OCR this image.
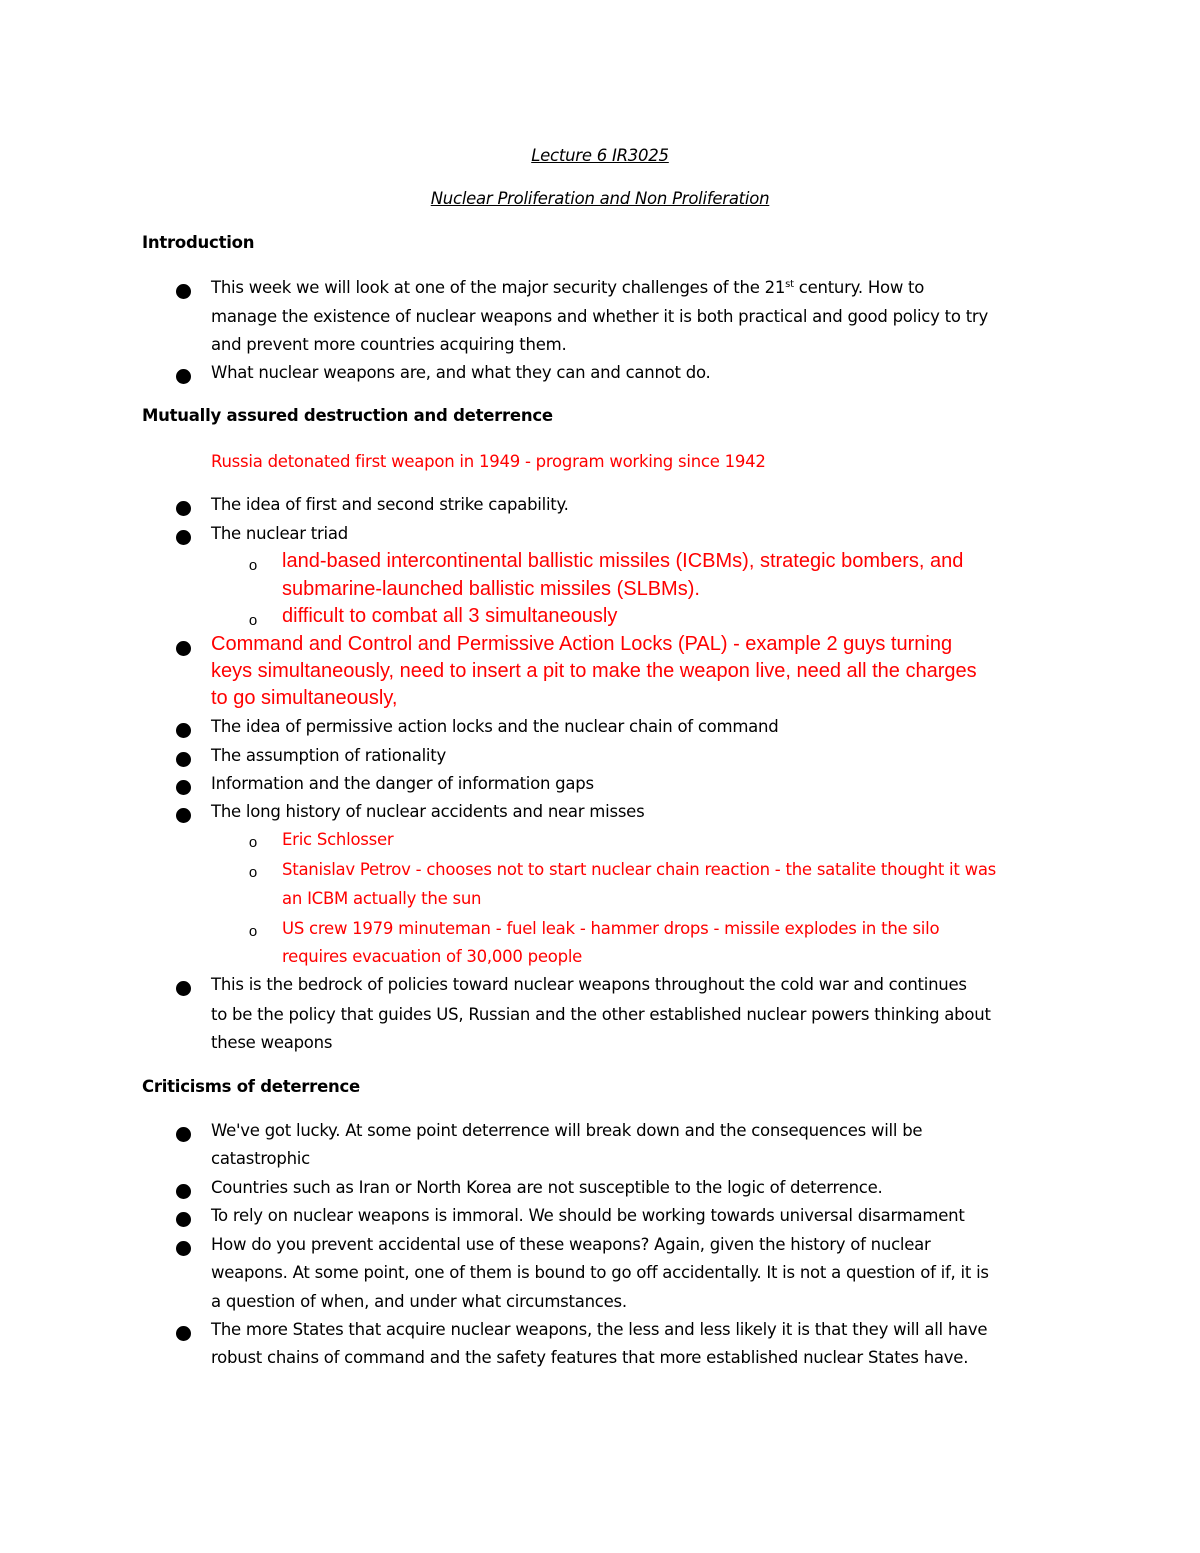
Lecture 6 IR3025
Nuclear Proliferation and Non Proliferation
Introduction
This week we will look at one of the major security challenges of the 21st century. How to
manage the existence of nuclear weapons and whether it is both practical and good policy to try
and prevent more countries acquiring them.
What nuclear weapons are, and what they can and cannot do.
Mutually assured destruction and deterrence
Russia detonated first weapon in 1949 - program working since 1942
The idea of first and second strike capability.
The nuclear triad
o land-based intercontinental ballistic missiles (ICBMs), strategic bombers, and
submarine-launched ballistic missiles (SLBMs).
o difficult to combat all 3 simultaneously
Command and Control and Permissive Action Locks (PAL) - example 2 guys turning
keys simultaneously, need to insert a pit to make the weapon live, need all the charges
to go simultaneously,
The idea of permissive action locks and the nuclear chain of command
The assumption of rationality
Information and the danger of information gaps
The long history of nuclear accidents and near misses
o Eric Schlosser
o Stanislav Petrov - chooses not to start nuclear chain reaction - the satalite thought it was
an ICBM actually the sun
o US crew 1979 minuteman - fuel leak - hammer drops - missile explodes in the silo
requires evacuation of 30,000 people
This is the bedrock of policies toward nuclear weapons throughout the cold war and continues
to be the policy that guides US, Russian and the other established nuclear powers thinking about
these weapons
Criticisms of deterrence
We've got lucky. At some point deterrence will break down and the consequences will be
catastrophic
Countries such as Iran or North Korea are not susceptible to the logic of deterrence.
To rely on nuclear weapons is immoral. We should be working towards universal disarmament
How do you prevent accidental use of these weapons? Again, given the history of nuclear
weapons. At some point, one of them is bound to go off accidentally. It is not a question of if, it is
a question of when, and under what circumstances.
The more States that acquire nuclear weapons, the less and less likely it is that they will all have
robust chains of command and the safety features that more established nuclear States have.
